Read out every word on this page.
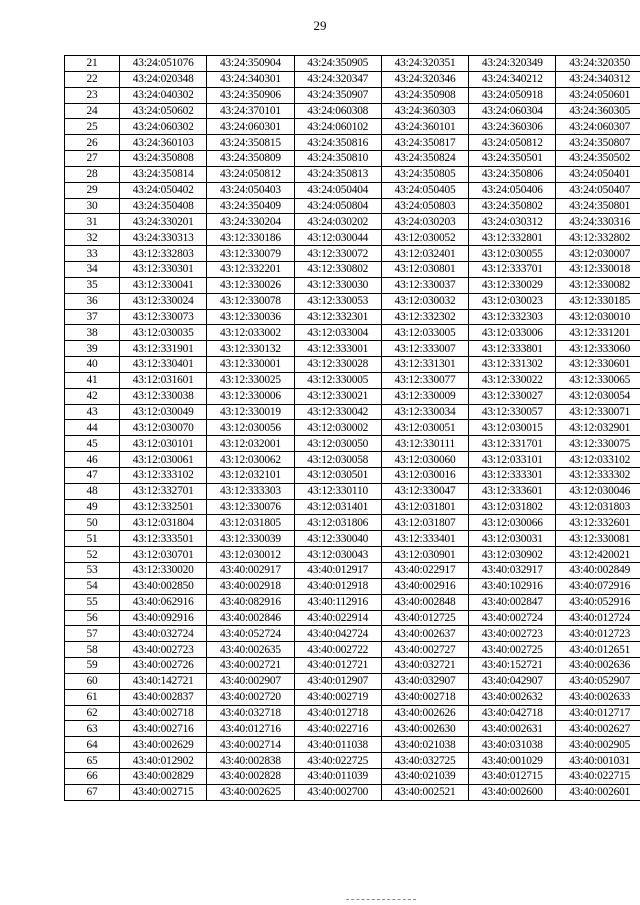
29
21	43:24:051076	43:24:350904	43:24:350905	43:24:320351	43:24:320349	43:24:320350
22	43:24:020348	43:24:340301	43:24:320347	43:24:320346	43:24:340212	43:24:340312
23	43:24:040302	43:24:350906	43:24:350907	43:24:350908	43:24:050918	43:24:050601
24	43:24:050602	43:24:370101	43:24:060308	43:24:360303	43:24:060304	43:24:360305
25	43:24:060302	43:24:060301	43:24:060102	43:24:360101	43:24:360306	43:24:060307
26	43:24:360103	43:24:350815	43:24:350816	43:24:350817	43:24:050812	43:24:350807
27	43:24:350808	43:24:350809	43:24:350810	43:24:350824	43:24:350501	43:24:350502
28	43:24:350814	43:24:050812	43:24:350813	43:24:350805	43:24:350806	43:24:050401
29	43:24:050402	43:24:050403	43:24:050404	43:24:050405	43:24:050406	43:24:050407
30	43:24:350408	43:24:350409	43:24:050804	43:24:050803	43:24:350802	43:24:350801
31	43:24:330201	43:24:330204	43:24:030202	43:24:030203	43:24:030312	43:24:330316
32	43:24:330313	43:12:330186	43:12:030044	43:12:030052	43:12:332801	43:12:332802
33	43:12:332803	43:12:330079	43:12:330072	43:12:032401	43:12:030055	43:12:030007
34	43:12:330301	43:12:332201	43:12:330802	43:12:030801	43:12:333701	43:12:330018
35	43:12:330041	43:12:330026	43:12:330030	43:12:330037	43:12:330029	43:12:330082
36	43:12:330024	43:12:330078	43:12:330053	43:12:030032	43:12:030023	43:12:330185
37	43:12:330073	43:12:330036	43:12:332301	43:12:332302	43:12:332303	43:12:030010
38	43:12:030035	43:12:033002	43:12:033004	43:12:033005	43:12:033006	43:12:331201
39	43:12:331901	43:12:330132	43:12:333001	43:12:333007	43:12:333801	43:12:333060
40	43:12:330401	43:12:330001	43:12:330028	43:12:331301	43:12:331302	43:12:330601
41	43:12:031601	43:12:330025	43:12:330005	43:12:330077	43:12:330022	43:12:330065
42	43:12:330038	43:12:330006	43:12:330021	43:12:330009	43:12:330027	43:12:030054
43	43:12:030049	43:12:330019	43:12:330042	43:12:330034	43:12:330057	43:12:330071
44	43:12:030070	43:12:030056	43:12:030002	43:12:030051	43:12:030015	43:12:032901
45	43:12:030101	43:12:032001	43:12:030050	43:12:330111	43:12:331701	43:12:330075
46	43:12:030061	43:12:030062	43:12:030058	43:12:030060	43:12:033101	43:12:033102
47	43:12:333102	43:12:032101	43:12:030501	43:12:030016	43:12:333301	43:12:333302
48	43:12:332701	43:12:333303	43:12:330110	43:12:330047	43:12:333601	43:12:030046
49	43:12:332501	43:12:330076	43:12:031401	43:12:031801	43:12:031802	43:12:031803
50	43:12:031804	43:12:031805	43:12:031806	43:12:031807	43:12:030066	43:12:332601
51	43:12:333501	43:12:330039	43:12:330040	43:12:333401	43:12:030031	43:12:330081
52	43:12:030701	43:12:030012	43:12:030043	43:12:030901	43:12:030902	43:12:420021
53	43:12:330020	43:40:002917	43:40:012917	43:40:022917	43:40:032917	43:40:002849
54	43:40:002850	43:40:002918	43:40:012918	43:40:002916	43:40:102916	43:40:072916
55	43:40:062916	43:40:082916	43:40:112916	43:40:002848	43:40:002847	43:40:052916
56	43:40:092916	43:40:002846	43:40:022914	43:40:012725	43:40:002724	43:40:012724
57	43:40:032724	43:40:052724	43:40:042724	43:40:002637	43:40:002723	43:40:012723
58	43:40:002723	43:40:002635	43:40:002722	43:40:002727	43:40:002725	43:40:012651
59	43:40:002726	43:40:002721	43:40:012721	43:40:032721	43:40:152721	43:40:002636
60	43:40:142721	43:40:002907	43:40:012907	43:40:032907	43:40:042907	43:40:052907
61	43:40:002837	43:40:002720	43:40:002719	43:40:002718	43:40:002632	43:40:002633
62	43:40:002718	43:40:032718	43:40:012718	43:40:002626	43:40:042718	43:40:012717
63	43:40:002716	43:40:012716	43:40:022716	43:40:002630	43:40:002631	43:40:002627
64	43:40:002629	43:40:002714	43:40:011038	43:40:021038	43:40:031038	43:40:002905
65	43:40:012902	43:40:002838	43:40:022725	43:40:032725	43:40:001029	43:40:001031
66	43:40:002829	43:40:002828	43:40:011039	43:40:021039	43:40:012715	43:40:022715
67	43:40:002715	43:40:002625	43:40:002700	43:40:002521	43:40:002600	43:40:002601
